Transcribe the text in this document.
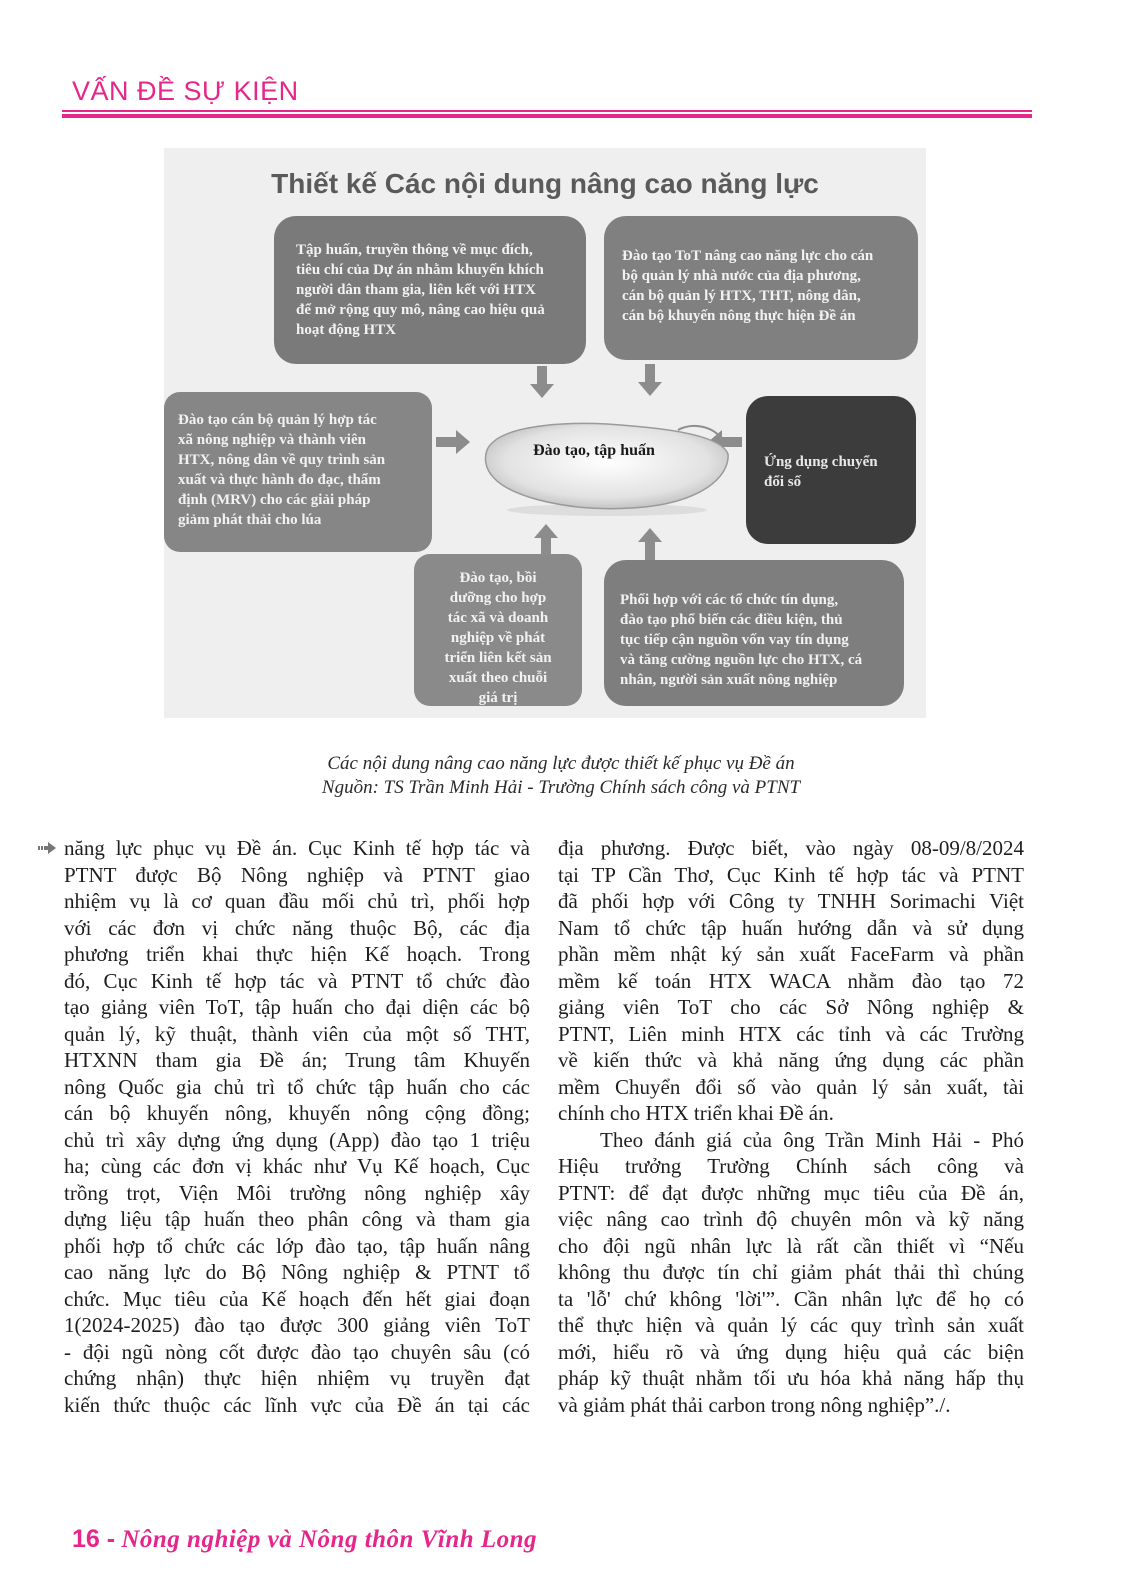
VẤN ĐỀ SỰ KIỆN
Thiết kế Các nội dung nâng cao năng lực
Tập huấn, truyền thông về mục đích,
tiêu chí của Dự án nhằm khuyến khích
người dân tham gia, liên kết với HTX
để mở rộng quy mô, nâng cao hiệu quả
hoạt động HTX
Đào tạo ToT nâng cao năng lực cho cán
bộ quản lý nhà nước của địa phương,
cán bộ quản lý HTX, THT, nông dân,
cán bộ khuyến nông thực hiện Đề án
Đào tạo cán bộ quản lý hợp tác
xã nông nghiệp và thành viên
HTX, nông dân về quy trình sản
xuất và thực hành đo đạc, thẩm
định (MRV) cho các giải pháp
giảm phát thải cho lúa
Ứng dụng chuyển
đổi số
Đào tạo, bồi
dưỡng cho hợp
tác xã và doanh
nghiệp về phát
triển liên kết sản
xuất theo chuỗi
giá trị
Phối hợp với các tổ chức tín dụng,
đào tạo phổ biến các điều kiện, thủ
tục tiếp cận nguồn vốn vay tín dụng
và tăng cường nguồn lực cho HTX, cá
nhân, người sản xuất nông nghiệp
Đào tạo, tập huấn
Các nội dung nâng cao năng lực được thiết kế phục vụ Đề án
Nguồn: TS Trần Minh Hải - Trường Chính sách công và PTNT
năng lực phục vụ Đề án. Cục Kinh tế hợp tác và
PTNT được Bộ Nông nghiệp và PTNT giao
nhiệm vụ là cơ quan đầu mối chủ trì, phối hợp
với các đơn vị chức năng thuộc Bộ, các địa
phương triển khai thực hiện Kế hoạch. Trong
đó, Cục Kinh tế hợp tác và PTNT tổ chức đào
tạo giảng viên ToT, tập huấn cho đại diện các bộ
quản lý, kỹ thuật, thành viên của một số THT,
HTXNN tham gia Đề án; Trung tâm Khuyến
nông Quốc gia chủ trì tổ chức tập huấn cho các
cán bộ khuyến nông, khuyến nông cộng đồng;
chủ trì xây dựng ứng dụng (App) đào tạo 1 triệu
ha; cùng các đơn vị khác như Vụ Kế hoạch, Cục
trồng trọt, Viện Môi trường nông nghiệp xây
dựng liệu tập huấn theo phân công và tham gia
phối hợp tổ chức các lớp đào tạo, tập huấn nâng
cao năng lực do Bộ Nông nghiệp & PTNT tổ
chức. Mục tiêu của Kế hoạch đến hết giai đoạn
1(2024-2025) đào tạo được 300 giảng viên ToT
- đội ngũ nòng cốt được đào tạo chuyên sâu (có
chứng nhận) thực hiện nhiệm vụ truyền đạt
kiến thức thuộc các lĩnh vực của Đề án tại các
địa phương. Được biết, vào ngày 08-09/8/2024
tại TP Cần Thơ, Cục Kinh tế hợp tác và PTNT
đã phối hợp với Công ty TNHH Sorimachi Việt
Nam tổ chức tập huấn hướng dẫn và sử dụng
phần mềm nhật ký sản xuất FaceFarm và phần
mềm kế toán HTX WACA nhằm đào tạo 72
giảng viên ToT cho các Sở Nông nghiệp &
PTNT, Liên minh HTX các tỉnh và các Trường
về kiến thức và khả năng ứng dụng các phần
mềm Chuyển đổi số vào quản lý sản xuất, tài
chính cho HTX triển khai Đề án.
Theo đánh giá của ông Trần Minh Hải - Phó
Hiệu trưởng Trường Chính sách công và
PTNT: để đạt được những mục tiêu của Đề án,
việc nâng cao trình độ chuyên môn và kỹ năng
cho đội ngũ nhân lực là rất cần thiết vì “Nếu
không thu được tín chỉ giảm phát thải thì chúng
ta 'lỗ' chứ không 'lời'”. Cần nhân lực để họ có
thể thực hiện và quản lý các quy trình sản xuất
mới, hiểu rõ và ứng dụng hiệu quả các biện
pháp kỹ thuật nhằm tối ưu hóa khả năng hấp thụ
và giảm phát thải carbon trong nông nghiệp”./.
16 - Nông nghiệp và Nông thôn Vĩnh Long
